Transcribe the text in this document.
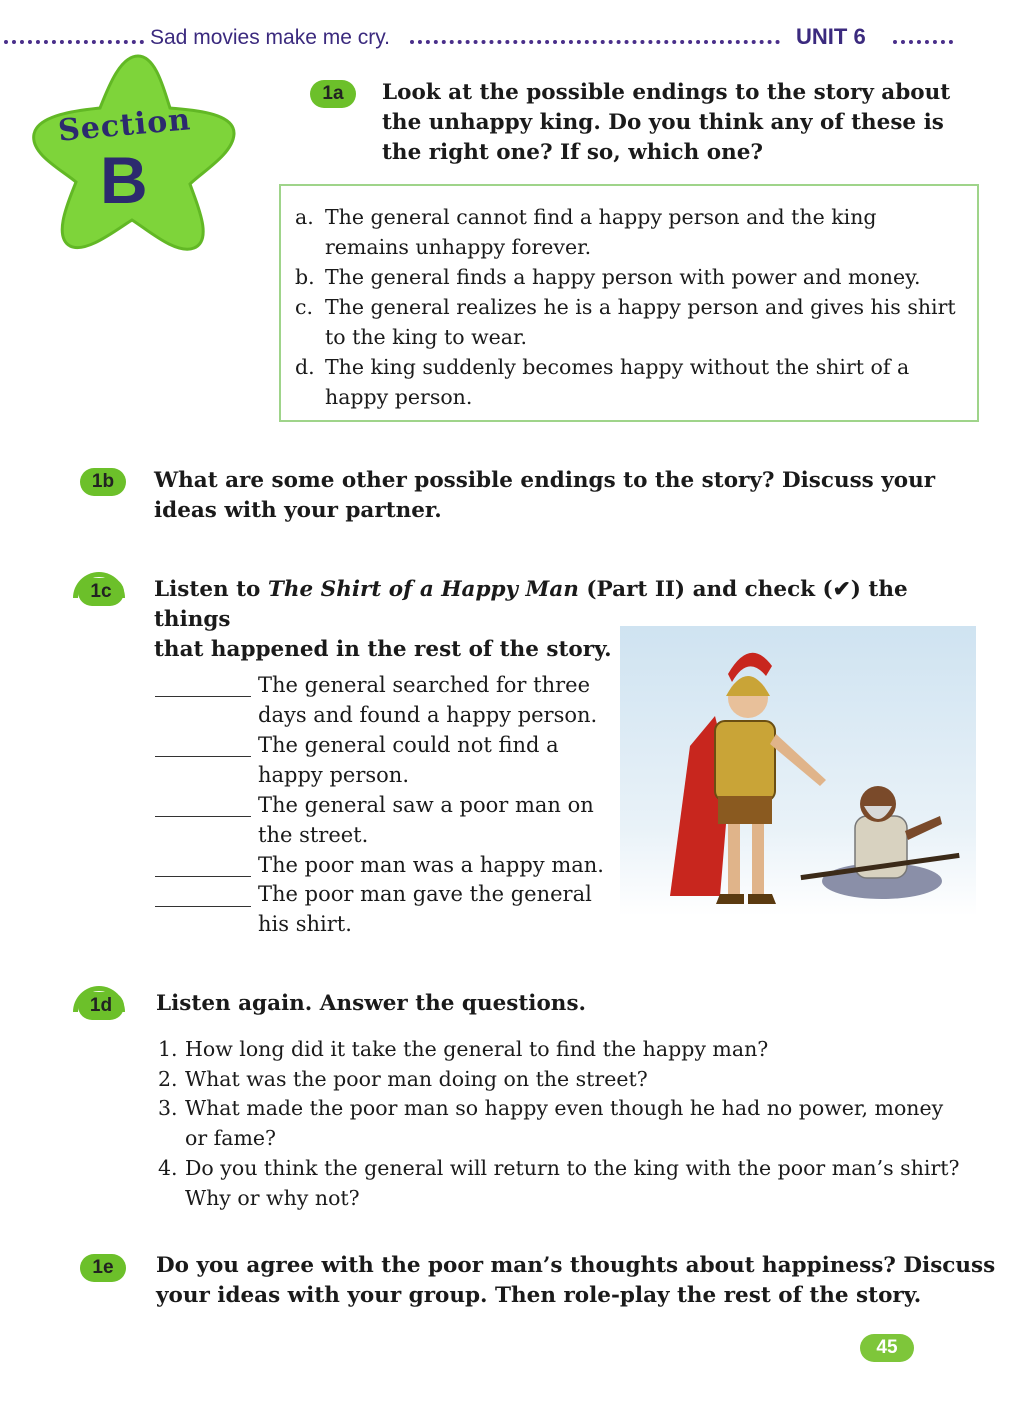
Sad movies make me cry.	UNIT 6
Section
B
1a	Look at the possible endings to the story about the unhappy king. Do you think any of these is the right one? If so, which one?
a. The general cannot find a happy person and the king
remains unhappy forever.
b. The general finds a happy person with power and money.
c. The general realizes he is a happy person and gives his shirt
to the king to wear.
d. The king suddenly becomes happy without the shirt of a
happy person.
1b	What are some other possible endings to the story? Discuss your ideas with your partner.
1c	Listen to The Shirt of a Happy Man (Part II) and check (✔) the things
that happened in the rest of the story.
The general searched for three
days and found a happy person.
The general could not find a
happy person.
The general saw a poor man on
the street.
The poor man was a happy man.
The poor man gave the general
his shirt.
1d	Listen again. Answer the questions.
1. How long did it take the general to find the happy man?
2. What was the poor man doing on the street?
3. What made the poor man so happy even though he had no power, money
or fame?
4. Do you think the general will return to the king with the poor man’s shirt?
Why or why not?
1e	Do you agree with the poor man’s thoughts about happiness? Discuss
your ideas with your group. Then role-play the rest of the story.
45
